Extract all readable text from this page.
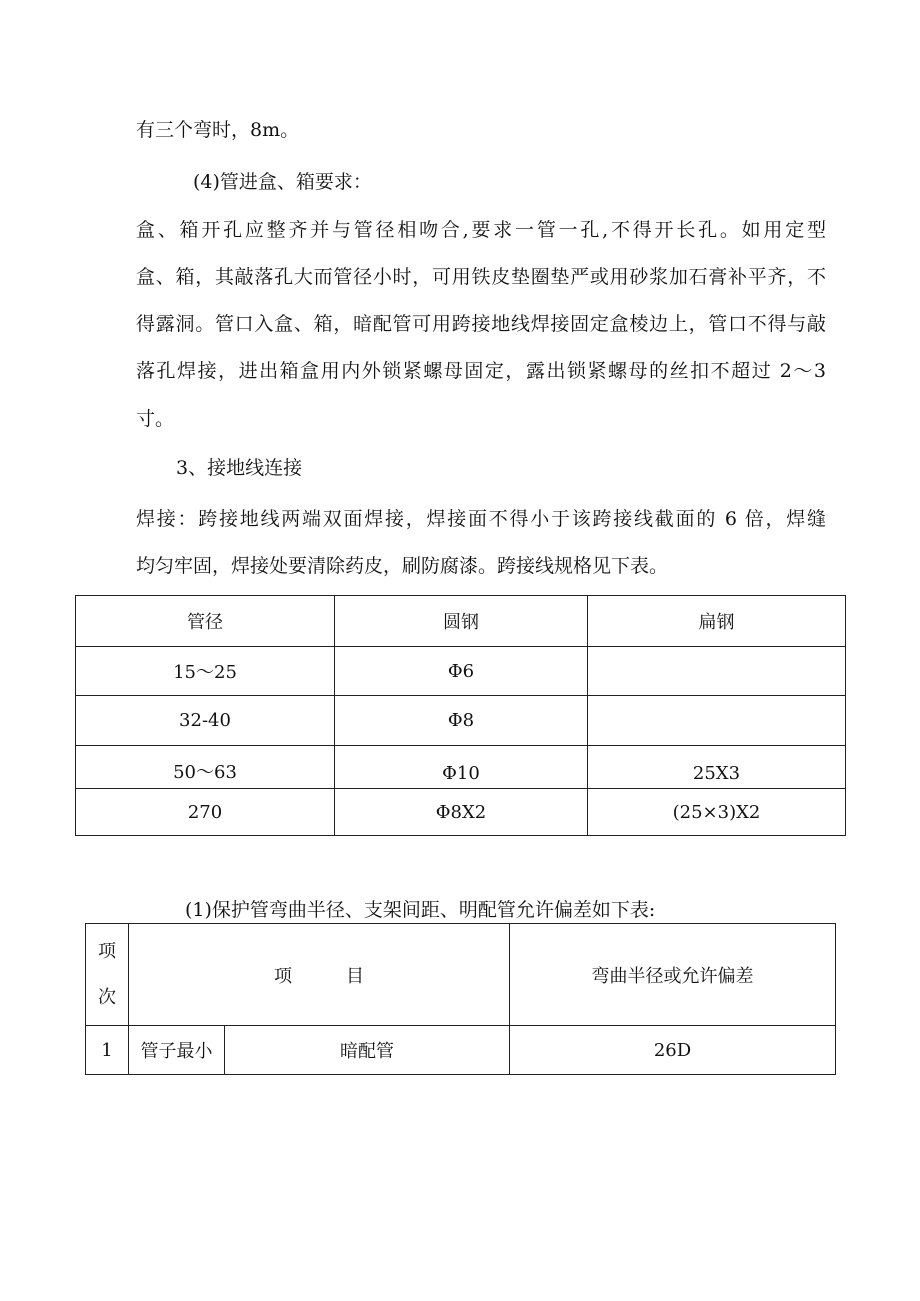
有三个弯时，8m。
(4)管进盒、箱要求：
盒、箱开孔应整齐并与管径相吻合,要求一管一孔,不得开长孔。如用定型
盒、箱，其敲落孔大而管径小时，可用铁皮垫圈垫严或用砂浆加石膏补平齐，不
得露洞。管口入盒、箱，暗配管可用跨接地线焊接固定盒棱边上，管口不得与敲
落孔焊接，进出箱盒用内外锁紧螺母固定，露出锁紧螺母的丝扣不超过 2～3
寸。
3、接地线连接
焊接：跨接地线两端双面焊接，焊接面不得小于该跨接线截面的 6 倍，焊缝
均匀牢固，焊接处要清除药皮，刷防腐漆。跨接线规格见下表。
管径	圆钢	扁钢
15～25	Φ6	
32-40	Φ8	
50～63	Φ10	25X3
270	Φ8X2	(25×3)X2
(1)保护管弯曲半径、支架间距、明配管允许偏差如下表:
项次	项　　　目		弯曲半径或允许偏差
1	管子最小	暗配管	26D
